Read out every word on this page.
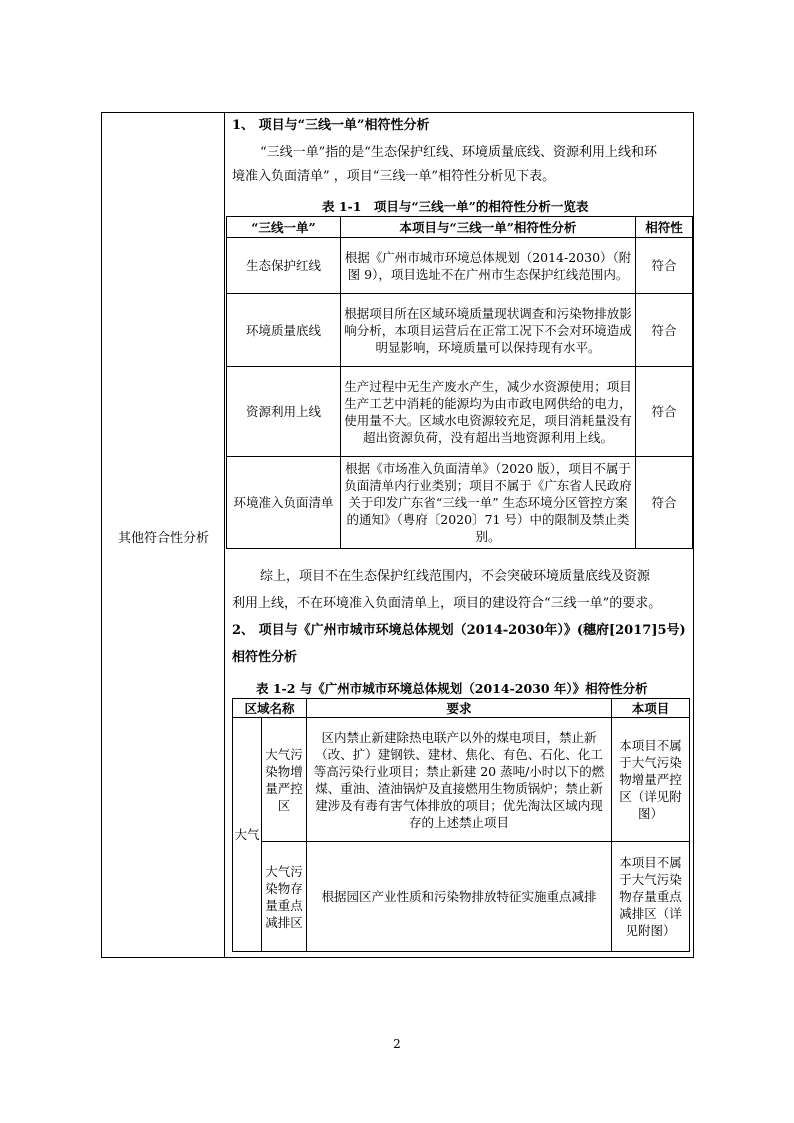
其他符合性分析
1、 项目与“三线一单”相符性分析
“三线一单”指的是“生态保护红线、环境质量底线、资源利用上线和环
境准入负面清单” ，项目“三线一单”相符性分析见下表。
表 1-1　项目与“三线一单”的相符性分析一览表
“三线一单”	本项目与“三线一单”相符性分析	相符性
生态保护红线	根据《广州市城市环境总体规划（2014-2030）（附图 9），项目选址不在广州市生态保护红线范围内。	符合
环境质量底线	根据项目所在区域环境质量现状调查和污染物排放影响分析，本项目运营后在正常工况下不会对环境造成明显影响，环境质量可以保持现有水平。	符合
资源利用上线	生产过程中无生产废水产生，减少水资源使用；项目生产工艺中消耗的能源均为由市政电网供给的电力，使用量不大。区域水电资源较充足，项目消耗量没有超出资源负荷，没有超出当地资源利用上线。	符合
环境准入负面清单	根据《市场准入负面清单》（2020 版），项目不属于负面清单内行业类别；项目不属于《广东省人民政府关于印发广东省“三线一单” 生态环境分区管控方案的通知》（粤府〔2020〕71 号）中的限制及禁止类别。	符合
综上，项目不在生态保护红线范围内，不会突破环境质量底线及资源
利用上线，不在环境准入负面清单上，项目的建设符合“三线一单”的要求。
2、 项目与《广州市城市环境总体规划（2014-2030年）》(穗府[2017]5号)
相符性分析
表 1-2 与《广州市城市环境总体规划（2014-2030 年）》相符性分析
区域名称		要求	本项目
大气	大气污染物增量严控区	区内禁止新建除热电联产以外的煤电项目，禁止新（改、扩）建钢铁、建材、焦化、有色、石化、化工等高污染行业项目；禁止新建 20 蒸吨/小时以下的燃煤、重油、渣油锅炉及直接燃用生物质锅炉；禁止新建涉及有毒有害气体排放的项目；优先淘汰区域内现存的上述禁止项目	本项目不属于大气污染物增量严控区（详见附图）
	大气污染物存量重点减排区	根据园区产业性质和污染物排放特征实施重点减排	本项目不属于大气污染物存量重点减排区（详见附图）
2
